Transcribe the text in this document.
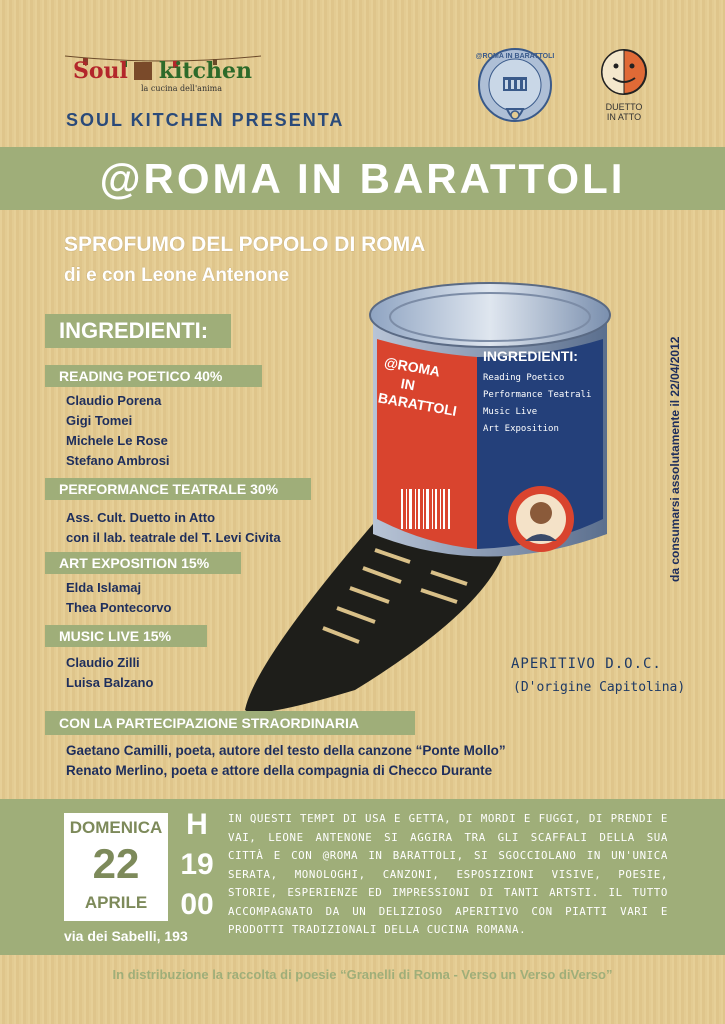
Soul kitchen
la cucina dell'anima
SOUL KITCHEN PRESENTA
@ROMA IN BARATTOLI
DUETTO
IN ATTO
@ROMA IN BARATTOLI
SPROFUMO DEL POPOLO DI ROMA
di e con Leone Antenone
INGREDIENTI:
READING POETICO 40%
Claudio Porena
Gigi Tomei
Michele Le Rose
Stefano Ambrosi
PERFORMANCE TEATRALE 30%
Ass. Cult. Duetto in Atto
con il lab. teatrale del T. Levi Civita
ART EXPOSITION 15%
Elda Islamaj
Thea Pontecorvo
MUSIC LIVE 15%
Claudio Zilli
Luisa Balzano
@ROMA
IN
BARATTOLI
INGREDIENTI:
Reading Poetico
Performance Teatrali
Music Live
Art Exposition	da consumarsi assolutamente il 22/04/2012
APERITIVO D.O.C.
(D'origine Capitolina)
CON LA PARTECIPAZIONE STRAORDINARIA
Gaetano Camilli, poeta, autore del testo della canzone “Ponte Mollo”
Renato Merlino, poeta e attore della compagnia di Checco Durante
DOMENICA
22
APRILE
H
19
00
via dei Sabelli, 193
IN QUESTI TEMPI DI USA E GETTA, DI MORDI E FUGGI, DI PRENDI E VAI, LEONE ANTENONE SI AGGIRA TRA GLI SCAFFALI DELLA SUA CITTÀ E CON @ROMA IN BARATTOLI, SI SGOCCIOLANO IN UN'UNICA SERATA, MONOLOGHI, CANZONI, ESPOSIZIONI VISIVE, POESIE, STORIE, ESPERIENZE ED IMPRESSIONI DI TANTI ARTSTI. IL TUTTO ACCOMPAGNATO DA UN DELIZIOSO APERITIVO CON PIATTI VARI E PRODOTTI TRADIZIONALI DELLA CUCINA ROMANA.
In distribuzione la raccolta di poesie “Granelli di Roma - Verso un Verso diVerso”
